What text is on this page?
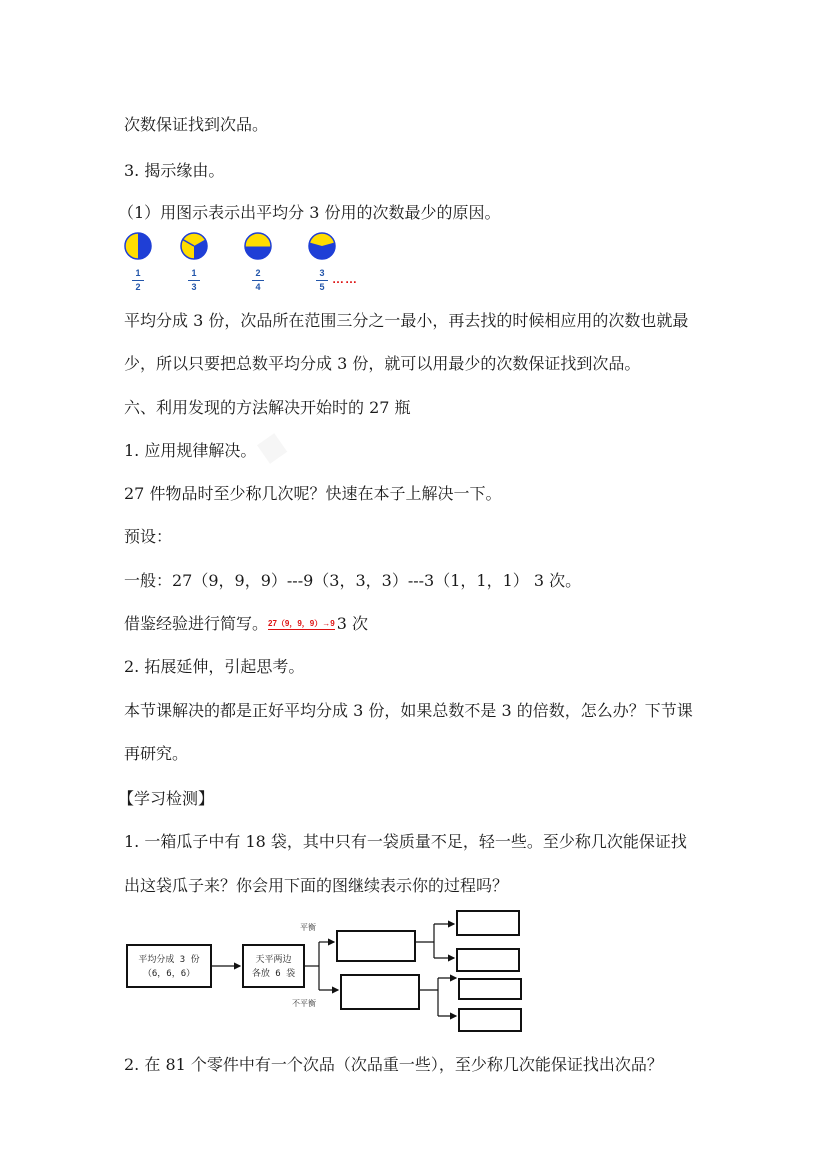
次数保证找到次品。
3. 揭示缘由。
（1）用图示表示出平均分 3 份用的次数最少的原因。
1
2
1
3
2
4
3
5
……
平均分成 3 份，次品所在范围三分之一最小，再去找的时候相应用的次数也就最
少，所以只要把总数平均分成 3 份，就可以用最少的次数保证找到次品。
六、利用发现的方法解决开始时的 27 瓶
1. 应用规律解决。
27 件物品时至少称几次呢？快速在本子上解决一下。
预设：
一般：27（9，9，9）---9（3，3，3）---3（1，1，1） 3 次。
借鉴经验进行简写。27（9，9，9）→9 3 次
2. 拓展延伸，引起思考。
本节课解决的都是正好平均分成 3 份，如果总数不是 3 的倍数，怎么办？下节课
再研究。
【学习检测】
1. 一箱瓜子中有 18 袋，其中只有一袋质量不足，轻一些。至少称几次能保证找
出这袋瓜子来？你会用下面的图继续表示你的过程吗？
平均分成 3 份
（6，6，6）
天平两边
各放 6 袋
平衡
不平衡
2. 在 81 个零件中有一个次品（次品重一些），至少称几次能保证找出次品？
